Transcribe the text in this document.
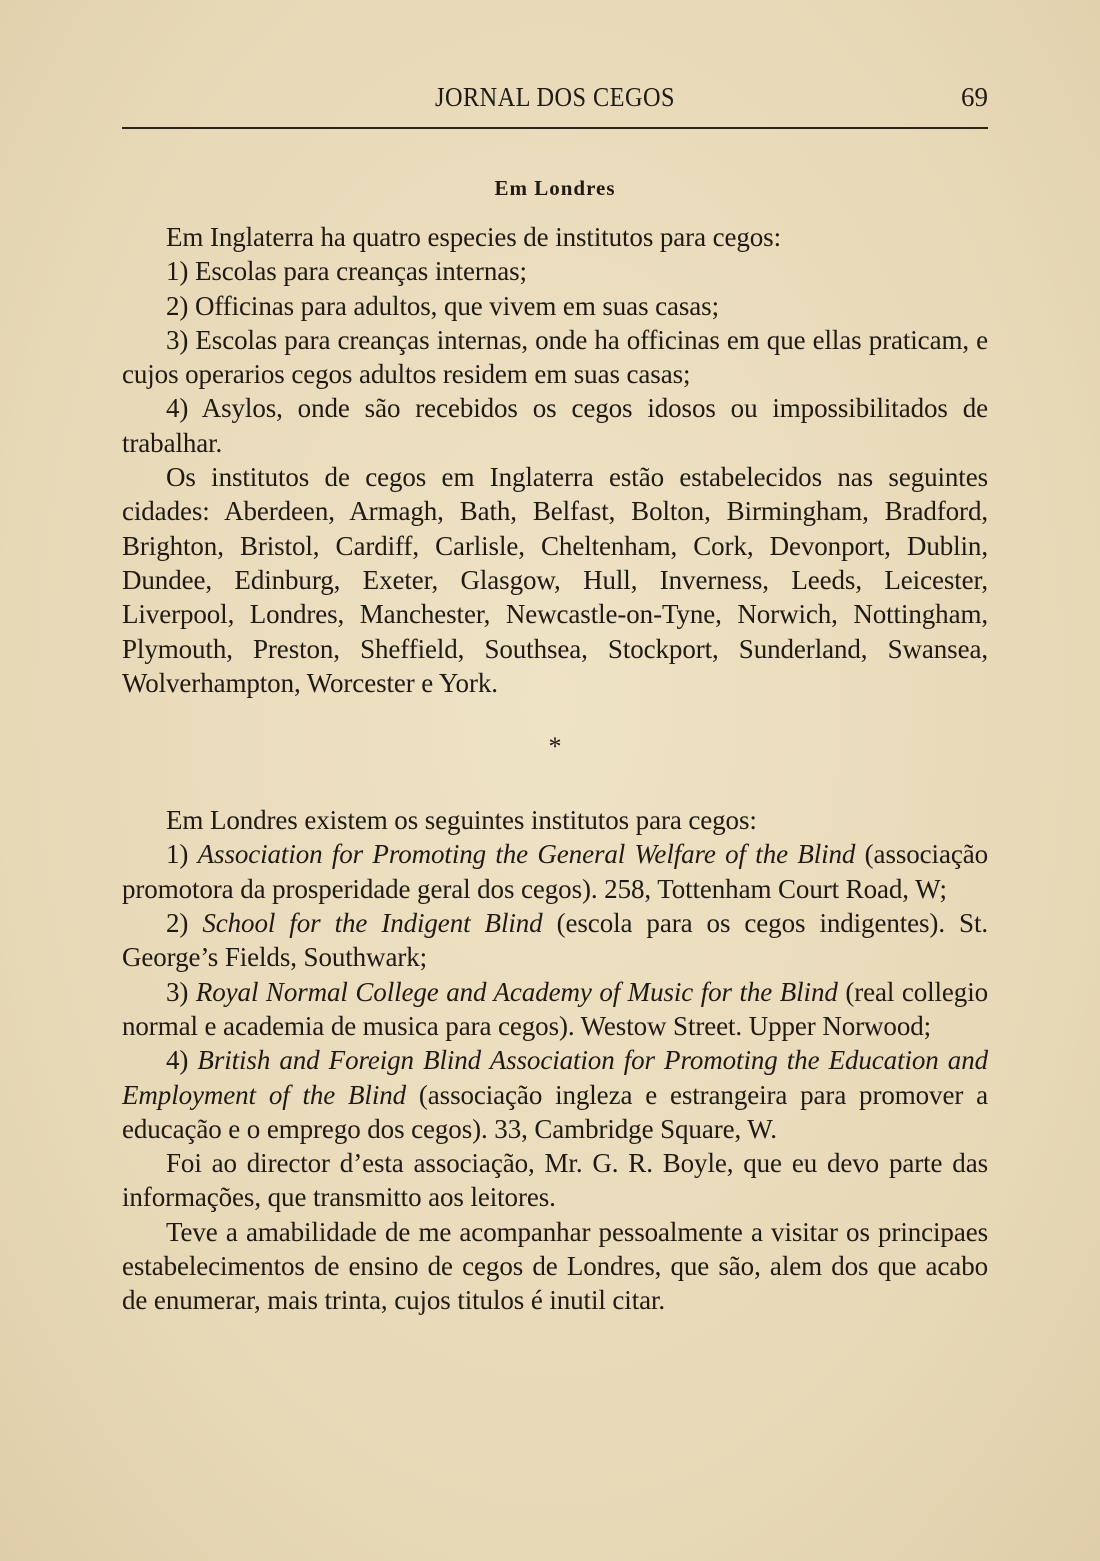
JORNAL DOS CEGOS	69
Em Londres

Em Inglaterra ha quatro especies de institutos para cegos:

1) Escolas para creanças internas;

2) Officinas para adultos, que vivem em suas casas;

3) Escolas para creanças internas, onde ha officinas em que ellas praticam, e cujos operarios cegos adultos residem em suas casas;

4) Asylos, onde são recebidos os cegos idosos ou impossibilitados de trabalhar.

Os institutos de cegos em Inglaterra estão estabelecidos nas seguintes cidades: Aberdeen, Armagh, Bath, Belfast, Bolton, Birmingham, Bradford, Brighton, Bristol, Cardiff, Carlisle, Cheltenham, Cork, Devonport, Dublin, Dundee, Edinburg, Exeter, Glasgow, Hull, Inverness, Leeds, Leicester, Liverpool, Londres, Manchester, Newcastle-on-Tyne, Norwich, Nottingham, Plymouth, Preston, Sheffield, Southsea, Stockport, Sunderland, Swansea, Wolverhampton, Worcester e York.

*

Em Londres existem os seguintes institutos para cegos:

1) Association for Promoting the General Welfare of the Blind (associação promotora da prosperidade geral dos cegos). 258, Tottenham Court Road, W;

2) School for the Indigent Blind (escola para os cegos indigentes). St. George’s Fields, Southwark;

3) Royal Normal College and Academy of Music for the Blind (real collegio normal e academia de musica para cegos). Westow Street. Upper Norwood;

4) British and Foreign Blind Association for Promoting the Education and Employment of the Blind (associação ingleza e estrangeira para promover a educação e o emprego dos cegos). 33, Cambridge Square, W.

Foi ao director d’esta associação, Mr. G. R. Boyle, que eu devo parte das informações, que transmitto aos leitores.

Teve a amabilidade de me acompanhar pessoalmente a visitar os principaes estabelecimentos de ensino de cegos de Londres, que são, alem dos que acabo de enumerar, mais trinta, cujos titulos é inutil citar.
